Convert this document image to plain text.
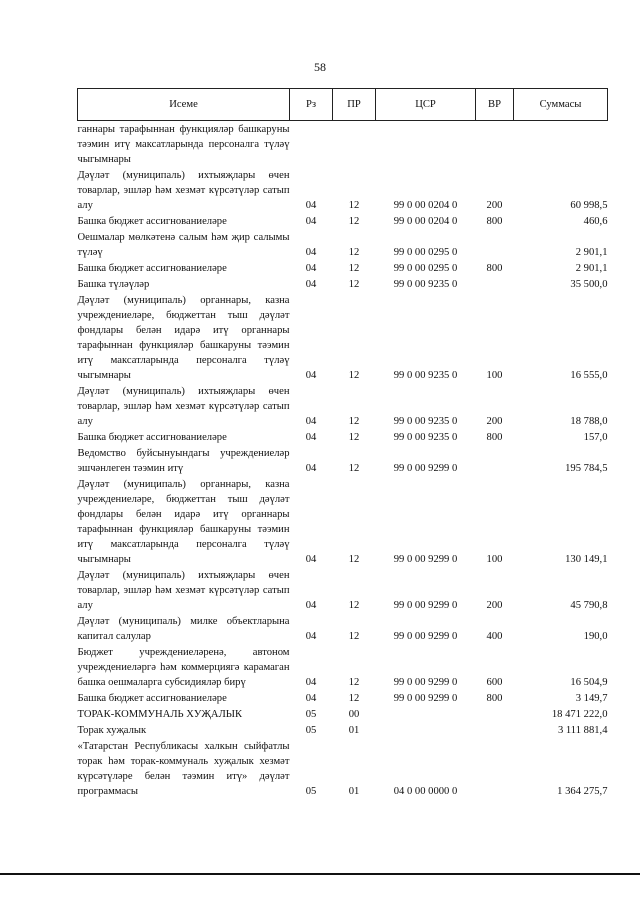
58
Исеме	Рз	ПР	ЦСР	ВР	Суммасы
ганнары тарафыннан функцияләр башкаруны тәэмин итү максатларында персоналга түләү чыгымнары					
Дәүләт (муниципаль) ихтыяҗлары өчен товарлар, эшләр һәм хезмәт күрсәтүләр сатып алу	04	12	99 0 00 0204 0	200	60 998,5
Башка бюджет ассигнованиеләре	04	12	99 0 00 0204 0	800	460,6
Оешмалар мөлкәтенә салым һәм җир салымы түләү	04	12	99 0 00 0295 0		2 901,1
Башка бюджет ассигнованиеләре	04	12	99 0 00 0295 0	800	2 901,1
Башка түләүләр	04	12	99 0 00 9235 0		35 500,0
Дәүләт (муниципаль) органнары, казна учреждениеләре, бюджеттан тыш дәүләт фондлары белән идарә итү органнары тарафыннан функцияләр башкаруны тәэмин итү максатларында персоналга түләү чыгымнары	04	12	99 0 00 9235 0	100	16 555,0
Дәүләт (муниципаль) ихтыяҗлары өчен товарлар, эшләр һәм хезмәт күрсәтүләр сатып алу	04	12	99 0 00 9235 0	200	18 788,0
Башка бюджет ассигнованиеләре	04	12	99 0 00 9235 0	800	157,0
Ведомство буйсынуындагы учреждениеләр эшчәнлеген тәэмин итү	04	12	99 0 00 9299 0		195 784,5
Дәүләт (муниципаль) органнары, казна учреждениеләре, бюджеттан тыш дәүләт фондлары белән идарә итү органнары тарафыннан функцияләр башкаруны тәэмин итү максатларында персоналга түләү чыгымнары	04	12	99 0 00 9299 0	100	130 149,1
Дәүләт (муниципаль) ихтыяҗлары өчен товарлар, эшләр һәм хезмәт күрсәтүләр сатып алу	04	12	99 0 00 9299 0	200	45 790,8
Дәүләт (муниципаль) милке объектларына капитал салулар	04	12	99 0 00 9299 0	400	190,0
Бюджет учреждениеләренә, автоном учреждениеләргә һәм коммерциягә карамаган башка оешмаларга субсидияләр бирү	04	12	99 0 00 9299 0	600	16 504,9
Башка бюджет ассигнованиеләре	04	12	99 0 00 9299 0	800	3 149,7
ТОРАК-КОММУНАЛЬ ХУҖАЛЫК	05	00			18 471 222,0
Торак хуҗалык	05	01			3 111 881,4
«Татарстан Республикасы халкын сыйфатлы торак һәм торак-коммуналь хуҗалык хезмәт күрсәтүләре белән тәэмин итү» дәүләт программасы	05	01	04 0 00 0000 0		1 364 275,7
